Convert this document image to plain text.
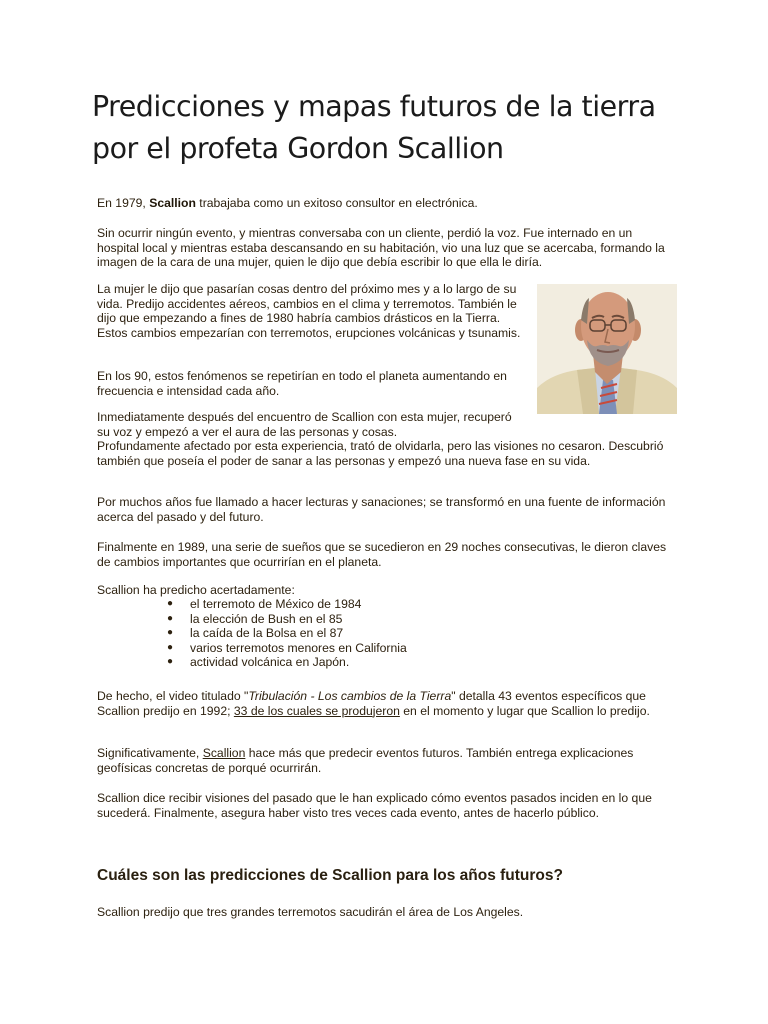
Predicciones y mapas futuros de la tierra por el profeta Gordon Scallion

En 1979, Scallion trabajaba como un exitoso consultor en electrónica.

Sin ocurrir ningún evento, y mientras conversaba con un cliente, perdió la voz. Fue internado en un hospital local y mientras estaba descansando en su habitación, vio una luz que se acercaba, formando la imagen de la cara de una mujer, quien le dijo que debía escribir lo que ella le diría.

La mujer le dijo que pasarían cosas dentro del próximo mes y a lo largo de su vida. Predijo accidentes aéreos, cambios en el clima y terremotos. También le dijo que empezando a fines de 1980 habría cambios drásticos en la Tierra. Estos cambios empezarían con terremotos, erupciones volcánicas y tsunamis.

En los 90, estos fenómenos se repetirían en todo el planeta aumentando en frecuencia e intensidad cada año.

Inmediatamente después del encuentro de Scallion con esta mujer, recuperó su voz y empezó a ver el aura de las personas y cosas.

Profundamente afectado por esta experiencia, trató de olvidarla, pero las visiones no cesaron. Descubrió también que poseía el poder de sanar a las personas y empezó una nueva fase en su vida.

Por muchos años fue llamado a hacer lecturas y sanaciones; se transformó en una fuente de información acerca del pasado y del futuro.

Finalmente en 1989, una serie de sueños que se sucedieron en 29 noches consecutivas, le dieron claves de cambios importantes que ocurrirían en el planeta.

Scallion ha predicho acertadamente:

● el terremoto de México de 1984
● la elección de Bush en el 85
● la caída de la Bolsa en el 87
● varios terremotos menores en California
● actividad volcánica en Japón.

De hecho, el video titulado "Tribulación - Los cambios de la Tierra" detalla 43 eventos específicos que Scallion predijo en 1992; 33 de los cuales se produjeron en el momento y lugar que Scallion lo predijo.

Significativamente, Scallion hace más que predecir eventos futuros. También entrega explicaciones geofísicas concretas de porqué ocurrirán.

Scallion dice recibir visiones del pasado que le han explicado cómo eventos pasados inciden en lo que sucederá. Finalmente, asegura haber visto tres veces cada evento, antes de hacerlo público.

Cuáles son las predicciones de Scallion para los años futuros?

Scallion predijo que tres grandes terremotos sacudirán el área de Los Angeles.
